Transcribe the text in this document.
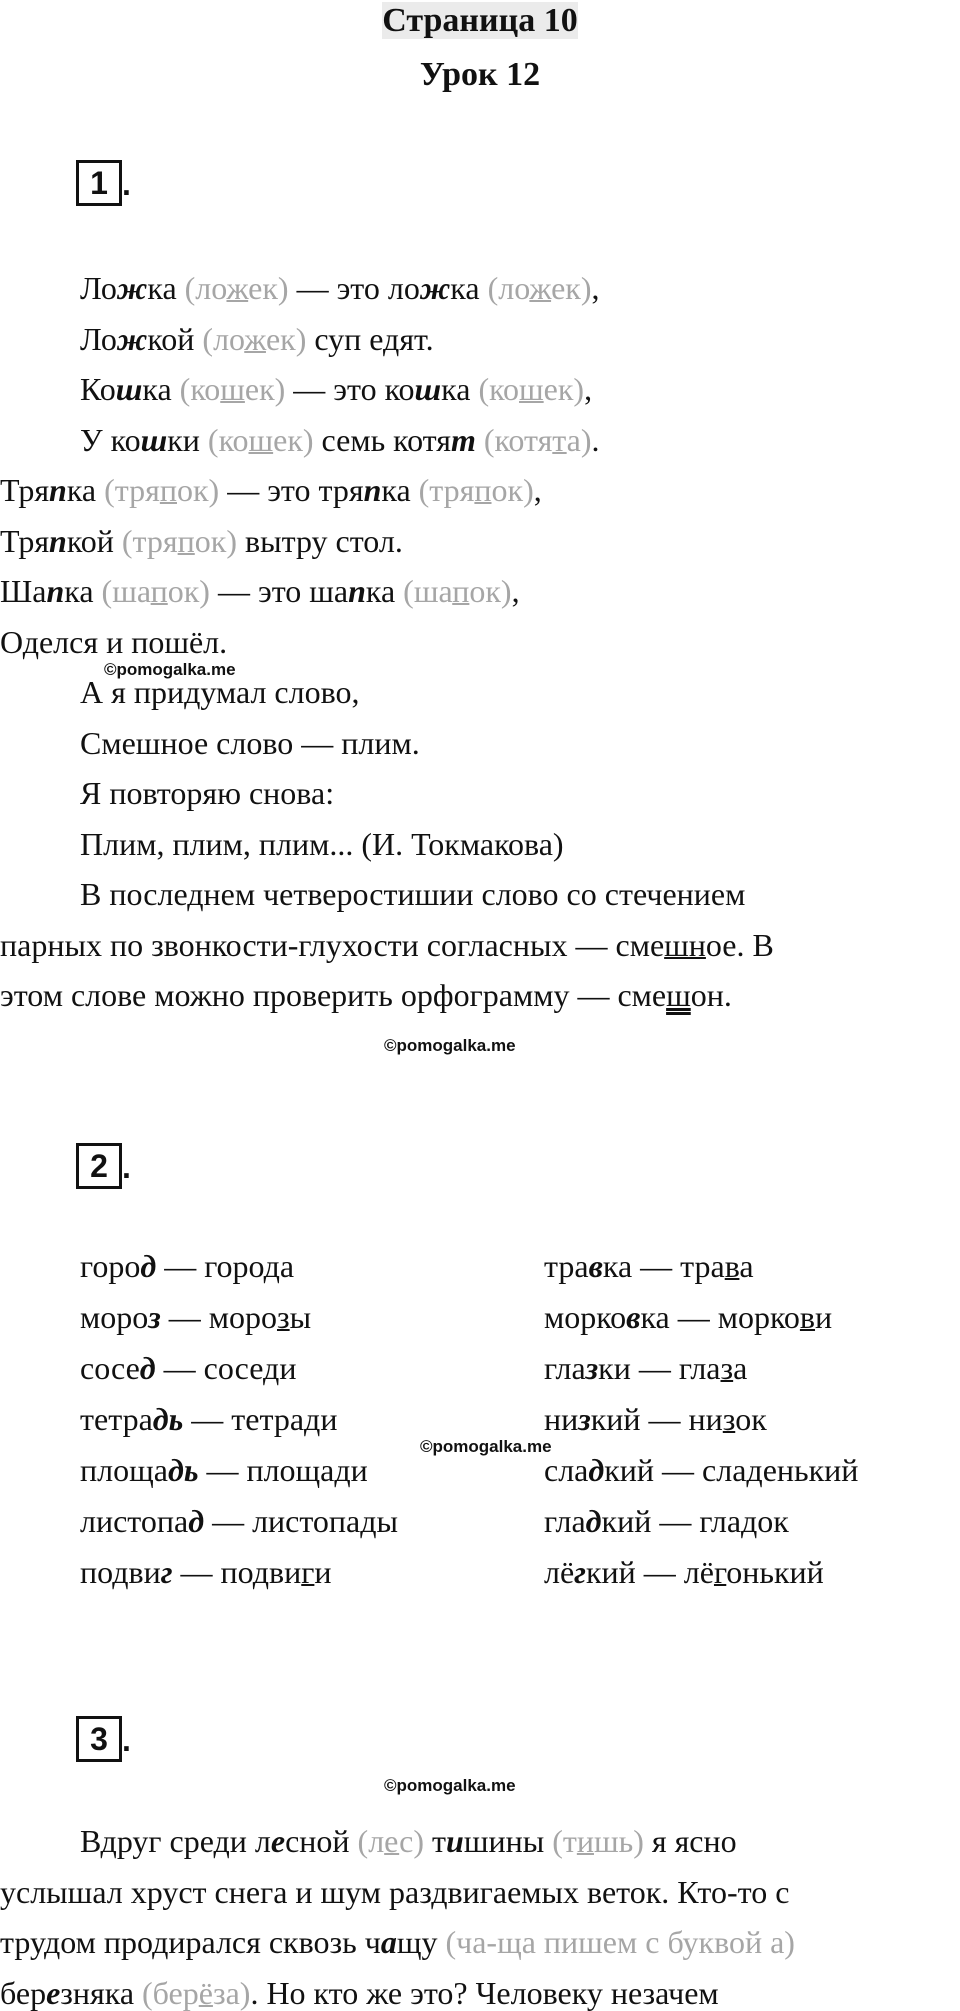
Страница 10
Урок 12
1 .
Ложка (ложек) — это ложка (ложек),
Ложкой (ложек) суп едят.
Кошка (кошек) — это кошка (кошек),
У кошки (кошек) семь котят (котята).
Тряпка (тряпок) — это тряпка (тряпок),
Тряпкой (тряпок) вытру стол.
Шапка (шапок) — это шапка (шапок),
Оделся и пошёл.
А я придумал слово,
Смешное слово — плим.
Я повторяю снова:
Плим, плим, плим... (И. Токмакова)
В последнем четверостишии слово со стечением
парных по звонкости-глухости согласных — смешное. В
этом слове можно проверить орфограмму — смешон.
©pomogalka.me
©pomogalka.me
2 .
город — города
мороз — морозы
сосед — соседи
тетрадь — тетради
площадь — площади
листопад — листопады
подвиг — подвиги
травка — трава
морковка — моркови
глазки — глаза
низкий — низок
сладкий — сладенький
гладкий — гладок
лёгкий — лёгонький
©pomogalka.me
3 .
©pomogalka.me
Вдруг среди лесной (лес) тишины (тишь) я ясно
услышал хруст снега и шум раздвигаемых веток. Кто-то с
трудом продирался сквозь чащу (ча-ща пишем с буквой а)
березняка (берёза). Но кто же это? Человеку незачем
